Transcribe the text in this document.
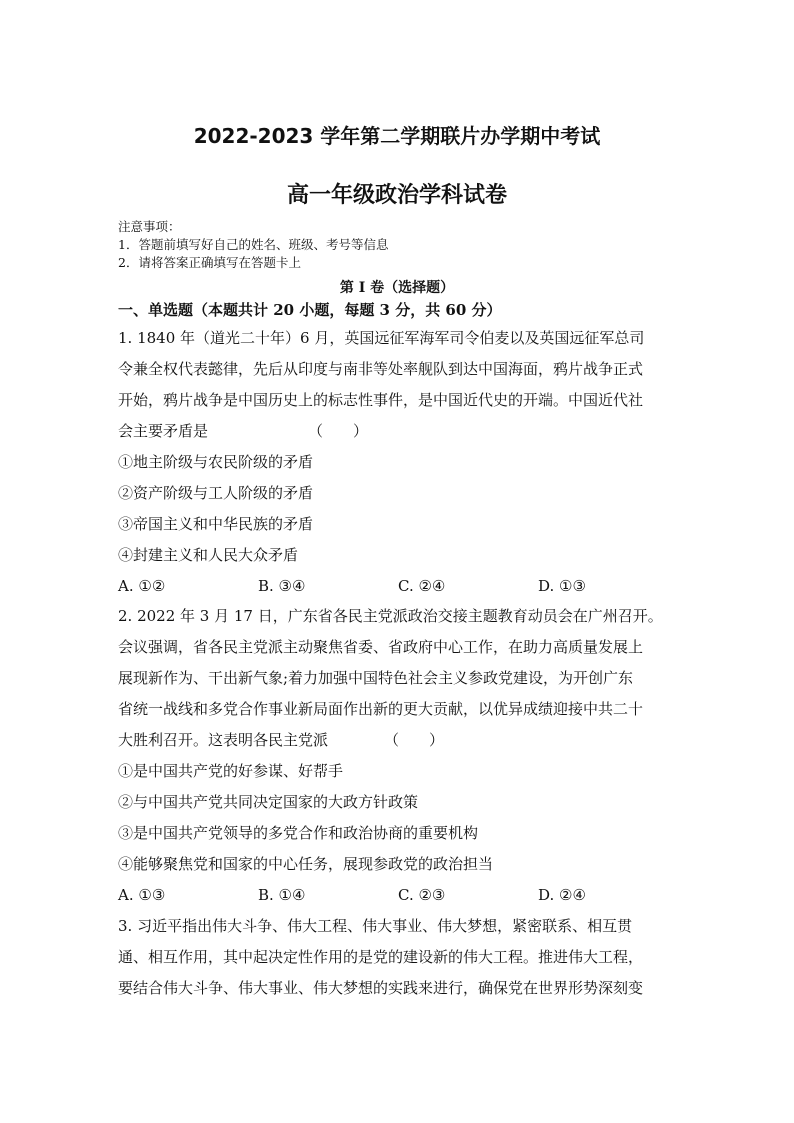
2022-2023 学年第二学期联片办学期中考试
高一年级政治学科试卷
注意事项：
1．答题前填写好自己的姓名、班级、考号等信息
2．请将答案正确填写在答题卡上
第 I 卷（选择题）
一、单选题（本题共计 20 小题，每题 3 分，共 60 分）

1. 1840 年（道光二十年）6 月，英国远征军海军司令伯麦以及英国远征军总司

令兼全权代表懿律，先后从印度与南非等处率舰队到达中国海面，鸦片战争正式

开始，鸦片战争是中国历史上的标志性事件，是中国近代史的开端。中国近代社

会主要矛盾是	（　　）

①地主阶级与农民阶级的矛盾

②资产阶级与工人阶级的矛盾

③帝国主义和中华民族的矛盾

④封建主义和人民大众矛盾

A. ①②	B. ③④	C. ②④	D. ①③

2. 2022 年 3 月 17 日，广东省各民主党派政治交接主题教育动员会在广州召开。

会议强调，省各民主党派主动聚焦省委、省政府中心工作，在助力高质量发展上

展现新作为、干出新气象;着力加强中国特色社会主义参政党建设，为开创广东

省统一战线和多党合作事业新局面作出新的更大贡献，以优异成绩迎接中共二十

大胜利召开。这表明各民主党派	（　　）

①是中国共产党的好参谋、好帮手

②与中国共产党共同决定国家的大政方针政策

③是中国共产党领导的多党合作和政治协商的重要机构

④能够聚焦党和国家的中心任务，展现参政党的政治担当

A. ①③	B. ①④	C. ②③	D. ②④

3. 习近平指出伟大斗争、伟大工程、伟大事业、伟大梦想，紧密联系、相互贯

通、相互作用，其中起决定性作用的是党的建设新的伟大工程。推进伟大工程，

要结合伟大斗争、伟大事业、伟大梦想的实践来进行，确保党在世界形势深刻变
